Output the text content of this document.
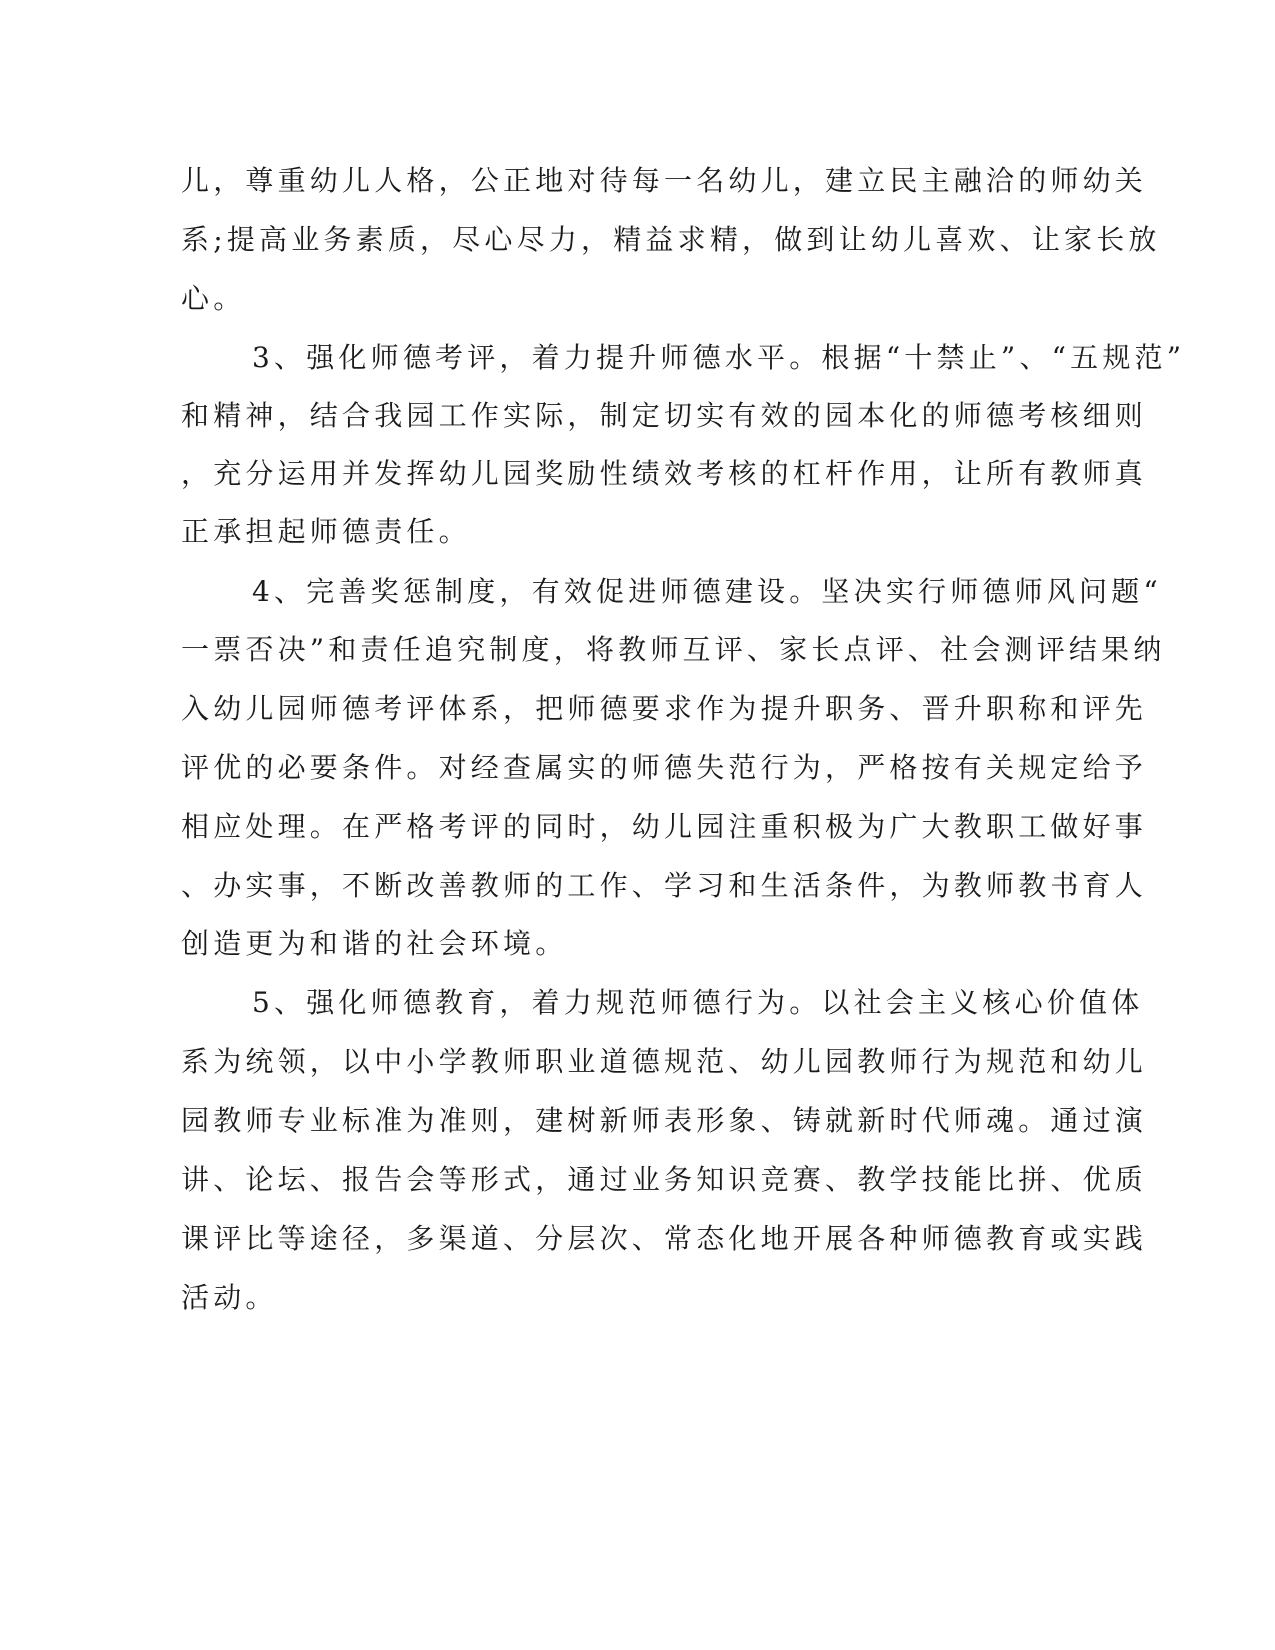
儿，尊重幼儿人格，公正地对待每一名幼儿，建立民主融洽的师幼关
系;提高业务素质，尽心尽力，精益求精，做到让幼儿喜欢、让家长放
心。
3、强化师德考评，着力提升师德水平。根据“十禁止”、“五规范”
和精神，结合我园工作实际，制定切实有效的园本化的师德考核细则
，充分运用并发挥幼儿园奖励性绩效考核的杠杆作用，让所有教师真
正承担起师德责任。
4、完善奖惩制度，有效促进师德建设。坚决实行师德师风问题“
一票否决”和责任追究制度，将教师互评、家长点评、社会测评结果纳
入幼儿园师德考评体系，把师德要求作为提升职务、晋升职称和评先
评优的必要条件。对经查属实的师德失范行为，严格按有关规定给予
相应处理。在严格考评的同时，幼儿园注重积极为广大教职工做好事
、办实事，不断改善教师的工作、学习和生活条件，为教师教书育人
创造更为和谐的社会环境。
5、强化师德教育，着力规范师德行为。以社会主义核心价值体
系为统领，以中小学教师职业道德规范、幼儿园教师行为规范和幼儿
园教师专业标准为准则，建树新师表形象、铸就新时代师魂。通过演
讲、论坛、报告会等形式，通过业务知识竞赛、教学技能比拼、优质
课评比等途径，多渠道、分层次、常态化地开展各种师德教育或实践
活动。
